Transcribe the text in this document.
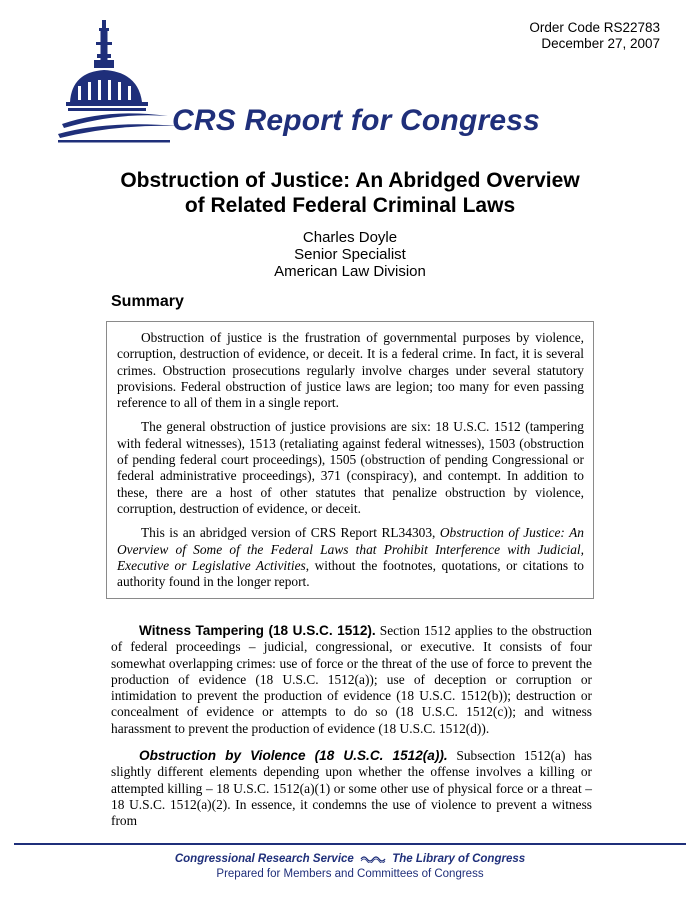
Order Code RS22783
December 27, 2007
CRS Report for Congress
Obstruction of Justice: An Abridged Overview
of Related Federal Criminal Laws
Charles Doyle
Senior Specialist
American Law Division
Summary

Obstruction of justice is the frustration of governmental purposes by violence, corruption, destruction of evidence, or deceit. It is a federal crime. In fact, it is several crimes. Obstruction prosecutions regularly involve charges under several statutory provisions. Federal obstruction of justice laws are legion; too many for even passing reference to all of them in a single report.

The general obstruction of justice provisions are six: 18 U.S.C. 1512 (tampering with federal witnesses), 1513 (retaliating against federal witnesses), 1503 (obstruction of pending federal court proceedings), 1505 (obstruction of pending Congressional or federal administrative proceedings), 371 (conspiracy), and contempt. In addition to these, there are a host of other statutes that penalize obstruction by violence, corruption, destruction of evidence, or deceit.

This is an abridged version of CRS Report RL34303, Obstruction of Justice: An Overview of Some of the Federal Laws that Prohibit Interference with Judicial, Executive or Legislative Activities, without the footnotes, quotations, or citations to authority found in the longer report.

Witness Tampering (18 U.S.C. 1512). Section 1512 applies to the obstruction of federal proceedings – judicial, congressional, or executive. It consists of four somewhat overlapping crimes: use of force or the threat of the use of force to prevent the production of evidence (18 U.S.C. 1512(a)); use of deception or corruption or intimidation to prevent the production of evidence (18 U.S.C. 1512(b)); destruction or concealment of evidence or attempts to do so (18 U.S.C. 1512(c)); and witness harassment to prevent the production of evidence (18 U.S.C. 1512(d)).

Obstruction by Violence (18 U.S.C. 1512(a)). Subsection 1512(a) has slightly different elements depending upon whether the offense involves a killing or attempted killing – 18 U.S.C. 1512(a)(1) or some other use of physical force or a threat – 18 U.S.C. 1512(a)(2). In essence, it condemns the use of violence to prevent a witness from

Congressional Research Service	The Library of Congress
Prepared for Members and Committees of Congress
